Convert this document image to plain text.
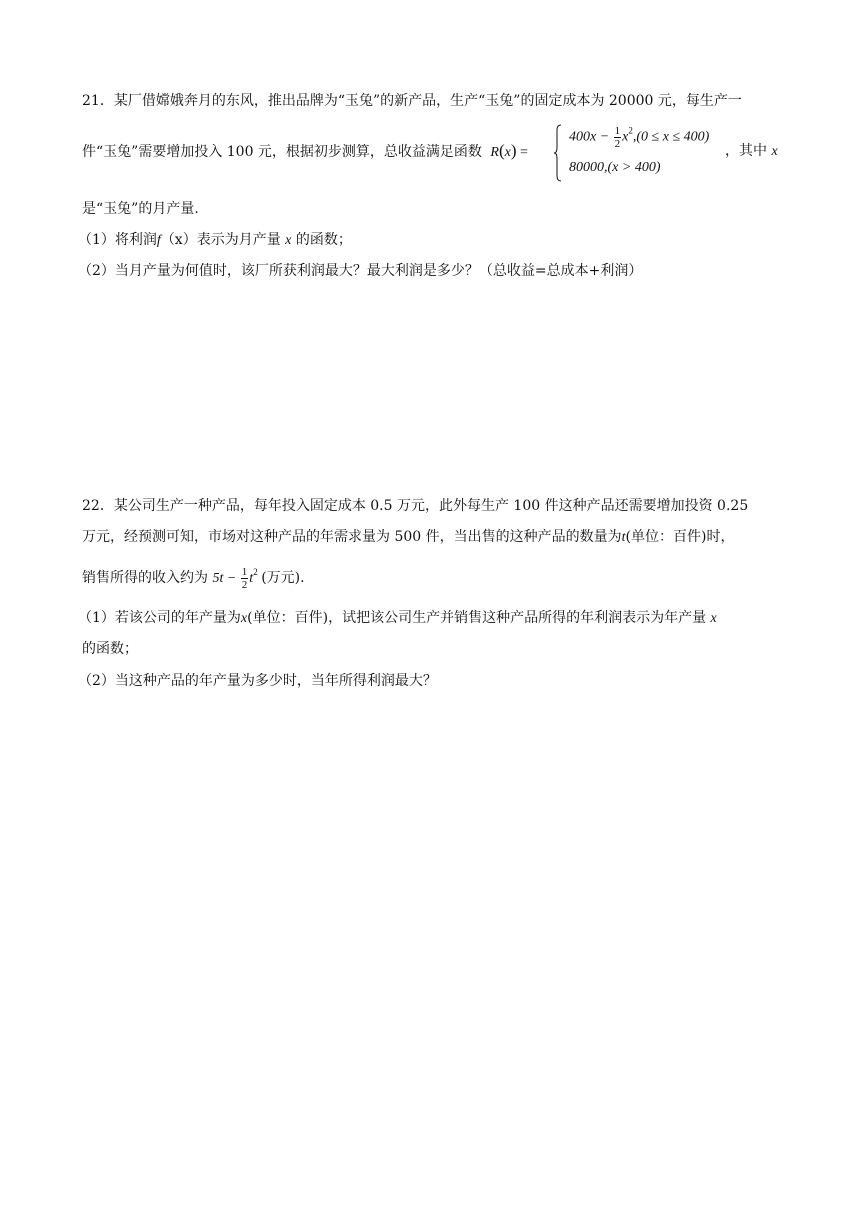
21．某厂借嫦娥奔月的东风，推出品牌为“玉兔”的新产品，生产“玉兔”的固定成本为 20000 元，每生产一
件“玉兔”需要增加投入 100 元，根据初步测算，总收益满足函数 R(x) =
$400x - \frac{1}{2} x^2,(0 \le x \le 400)$
80000,(x > 400)
，其中 x
是“玉兔”的月产量.
（1）将利润f（x）表示为月产量 x 的函数；
（2）当月产量为何值时，该厂所获利润最大？最大利润是多少？（总收益=总成本+利润）
22．某公司生产一种产品，每年投入固定成本 0.5 万元，此外每生产 100 件这种产品还需要增加投资 0.25
万元，经预测可知，市场对这种产品的年需求量为 500 件，当出售的这种产品的数量为t(单位：百件)时，
销售所得的收入约为 $5t - \frac{1}{2} t^2$ (万元).
（1）若该公司的年产量为x(单位：百件)，试把该公司生产并销售这种产品所得的年利润表示为年产量 x
的函数；
（2）当这种产品的年产量为多少时，当年所得利润最大？
